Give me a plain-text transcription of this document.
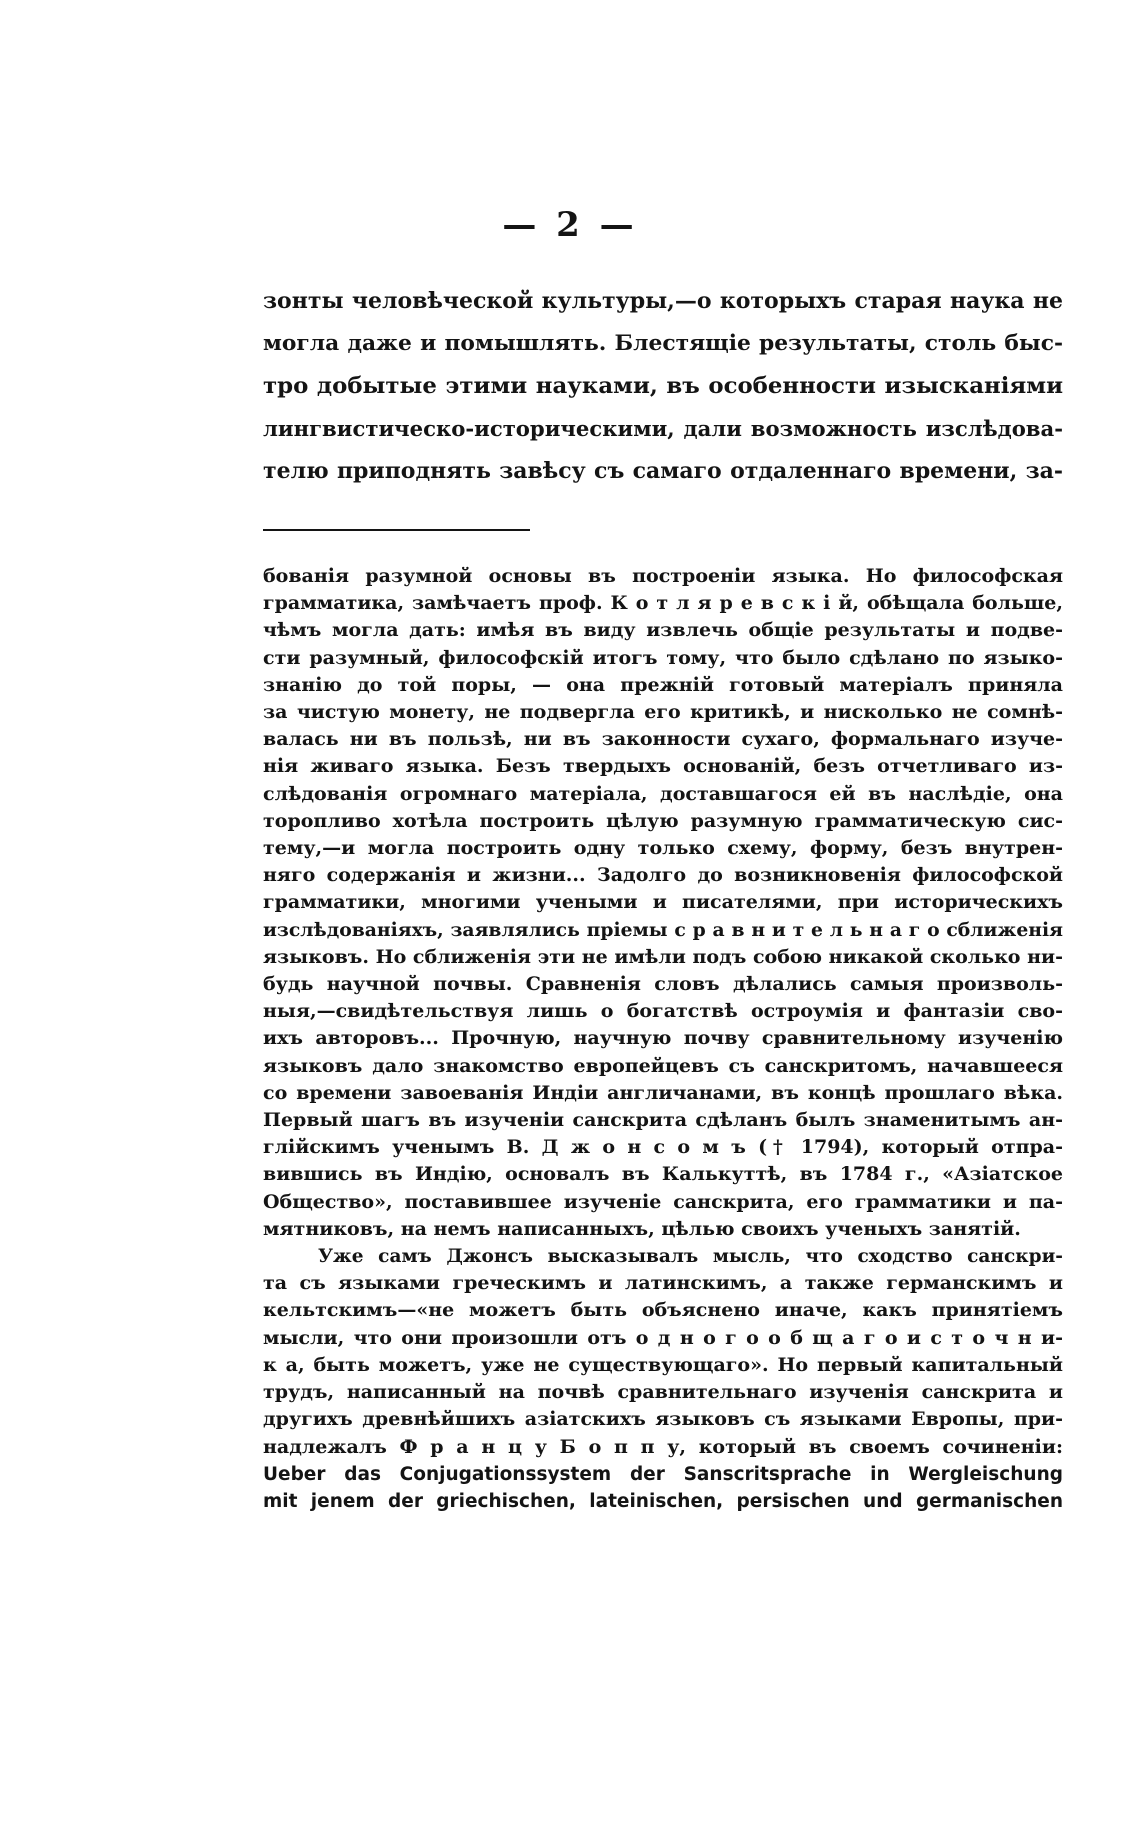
— 2 —
зонты человѣческой культуры,—о которыхъ старая наука не
могла даже и помышлять. Блестящіе результаты, столь быс-
тро добытые этими науками, въ особенности изысканіями
лингвистическо-историческими, дали возможность изслѣдова-
телю приподнять завѣсу съ самаго отдаленнаго времени, за-
бованія разумной основы въ построеніи языка. Но философская
грамматика, замѣчаетъ проф. К о т л я р е в с к і й, обѣщала больше,
чѣмъ могла дать: имѣя въ виду извлечь общіе результаты и подве-
сти разумный, философскій итогъ тому, что было сдѣлано по языко-
знанію до той поры, — она прежній готовый матеріалъ приняла
за чистую монету, не подвергла его критикѣ, и нисколько не сомнѣ-
валась ни въ пользѣ, ни въ законности сухаго, формальнаго изуче-
нія живаго языка. Безъ твердыхъ основаній, безъ отчетливаго из-
слѣдованія огромнаго матеріала, доставшагося ей въ наслѣдіе, она
торопливо хотѣла построить цѣлую разумную грамматическую сис-
тему,—и могла построить одну только схему, форму, безъ внутрен-
няго содержанія и жизни... Задолго до возникновенія философской
грамматики, многими учеными и писателями, при историческихъ
изслѣдованіяхъ, заявлялись пріемы с р а в н и т е л ь н а г о сближенія
языковъ. Но сближенія эти не имѣли подъ собою никакой сколько ни-
будь научной почвы. Сравненія словъ дѣлались самыя произволь-
ныя,—свидѣтельствуя лишь о богатствѣ остроумія и фантазіи сво-
ихъ авторовъ... Прочную, научную почву сравнительному изученію
языковъ дало знакомство европейцевъ съ санскритомъ, начавшееся
со времени завоеванія Индіи англичанами, въ концѣ прошлаго вѣка.
Первый шагъ въ изученіи санскрита сдѣланъ былъ знаменитымъ ан-
глійскимъ ученымъ В. Д ж о н с о м ъ († 1794), который отпра-
вившись въ Индію, основалъ въ Калькуттѣ, въ 1784 г., «Азіатское
Общество», поставившее изученіе санскрита, его грамматики и па-
мятниковъ, на немъ написанныхъ, цѣлью своихъ ученыхъ занятій.
Уже самъ Джонсъ высказывалъ мысль, что сходство санскри-
та съ языками греческимъ и латинскимъ, а также германскимъ и
кельтскимъ—«не можетъ быть объяснено иначе, какъ принятіемъ
мысли, что они произошли отъ о д н о г о о б щ а г о и с т о ч н и-
к а, быть можетъ, уже не существующаго». Но первый капитальный
трудъ, написанный на почвѣ сравнительнаго изученія санскрита и
другихъ древнѣйшихъ азіатскихъ языковъ съ языками Европы, при-
надлежалъ Ф р а н ц у Б о п п у, который въ своемъ сочиненіи:
Ueber das Conjugationssystem der Sanscritsprache in Wergleischung
mit jenem der griechischen, lateinischen, persischen und germanischen
